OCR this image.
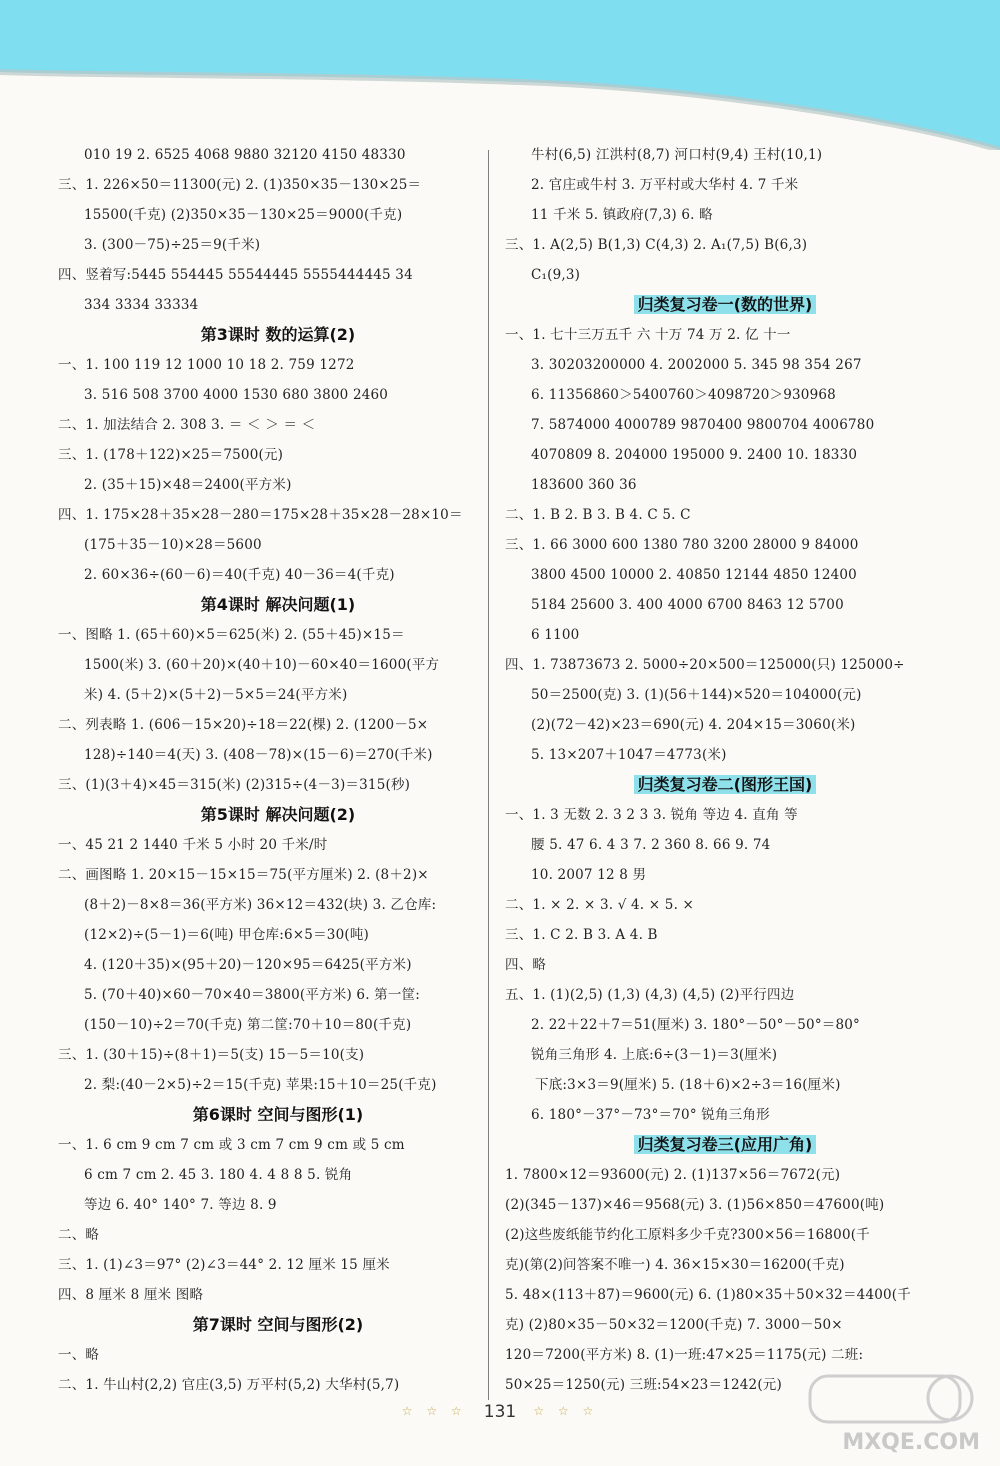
010 19 2. 6525 4068 9880 32120 4150 48330
三、1. 226×50＝11300(元) 2. (1)350×35－130×25＝
15500(千克) (2)350×35－130×25＝9000(千克)
3. (300－75)÷25＝9(千米)
四、竖着写:5445 554445 55544445 5555444445 34
334 3334 33334
第3课时 数的运算(2)
一、1. 100 119 12 1000 10 18 2. 759 1272
3. 516 508 3700 4000 1530 680 3800 2460
二、1. 加法结合 2. 308 3. ＝ ＜ ＞ ＝ ＜
三、1. (178＋122)×25＝7500(元)
2. (35＋15)×48＝2400(平方米)
四、1. 175×28＋35×28－280＝175×28＋35×28－28×10＝
(175＋35－10)×28＝5600
2. 60×36÷(60－6)＝40(千克) 40－36＝4(千克)
第4课时 解决问题(1)
一、图略 1. (65＋60)×5＝625(米) 2. (55＋45)×15＝
1500(米) 3. (60＋20)×(40＋10)－60×40＝1600(平方
米) 4. (5＋2)×(5＋2)－5×5＝24(平方米)
二、列表略 1. (606－15×20)÷18＝22(棵) 2. (1200－5×
128)÷140＝4(天) 3. (408－78)×(15－6)＝270(千米)
三、(1)(3＋4)×45＝315(米) (2)315÷(4－3)＝315(秒)
第5课时 解决问题(2)
一、45 21 2 1440 千米 5 小时 20 千米/时
二、画图略 1. 20×15－15×15＝75(平方厘米) 2. (8＋2)×
(8＋2)－8×8＝36(平方米) 36×12＝432(块) 3. 乙仓库:
(12×2)÷(5－1)＝6(吨) 甲仓库:6×5＝30(吨)
4. (120＋35)×(95＋20)－120×95＝6425(平方米)
5. (70＋40)×60－70×40＝3800(平方米) 6. 第一筐:
(150－10)÷2＝70(千克) 第二筐:70＋10＝80(千克)
三、1. (30＋15)÷(8＋1)＝5(支) 15－5＝10(支)
2. 梨:(40－2×5)÷2＝15(千克) 苹果:15＋10＝25(千克)
第6课时 空间与图形(1)
一、1. 6 cm 9 cm 7 cm 或 3 cm 7 cm 9 cm 或 5 cm
6 cm 7 cm 2. 45 3. 180 4. 4 8 8 5. 锐角
等边 6. 40° 140° 7. 等边 8. 9
二、略
三、1. (1)∠3＝97° (2)∠3＝44° 2. 12 厘米 15 厘米
四、8 厘米 8 厘米 图略
第7课时 空间与图形(2)
一、略
二、1. 牛山村(2,2) 官庄(3,5) 万平村(5,2) 大华村(5,7)
牛村(6,5) 江洪村(8,7) 河口村(9,4) 王村(10,1)
2. 官庄或牛村 3. 万平村或大华村 4. 7 千米
11 千米 5. 镇政府(7,3) 6. 略
三、1. A(2,5) B(1,3) C(4,3) 2. A₁(7,5) B(6,3)
C₁(9,3)
归类复习卷一(数的世界)
一、1. 七十三万五千 六 十万 74 万 2. 亿 十一
3. 30203200000 4. 2002000 5. 345 98 354 267
6. 11356860＞5400760＞4098720＞930968
7. 5874000 4000789 9870400 9800704 4006780
4070809 8. 204000 195000 9. 2400 10. 18330
183600 360 36
二、1. B 2. B 3. B 4. C 5. C
三、1. 66 3000 600 1380 780 3200 28000 9 84000
3800 4500 10000 2. 40850 12144 4850 12400
5184 25600 3. 400 4000 6700 8463 12 5700
6 1100
四、1. 73873673 2. 5000÷20×500＝125000(只) 125000÷
50＝2500(克) 3. (1)(56＋144)×520＝104000(元)
(2)(72－42)×23＝690(元) 4. 204×15＝3060(米)
5. 13×207＋1047＝4773(米)
归类复习卷二(图形王国)
一、1. 3 无数 2. 3 2 3 3. 锐角 等边 4. 直角 等
腰 5. 47 6. 4 3 7. 2 360 8. 66 9. 74
10. 2007 12 8 男
二、1. × 2. × 3. √ 4. × 5. ×
三、1. C 2. B 3. A 4. B
四、略
五、1. (1)(2,5) (1,3) (4,3) (4,5) (2)平行四边
2. 22＋22＋7＝51(厘米) 3. 180°－50°－50°＝80°
锐角三角形 4. 上底:6÷(3－1)＝3(厘米)
下底:3×3＝9(厘米) 5. (18＋6)×2÷3＝16(厘米)
6. 180°－37°－73°＝70° 锐角三角形
归类复习卷三(应用广角)
1. 7800×12＝93600(元) 2. (1)137×56＝7672(元)
(2)(345－137)×46＝9568(元) 3. (1)56×850＝47600(吨)
(2)这些废纸能节约化工原料多少千克?300×56＝16800(千
克)(第(2)问答案不唯一) 4. 36×15×30＝16200(千克)
5. 48×(113＋87)＝9600(元) 6. (1)80×35＋50×32＝4400(千
克) (2)80×35－50×32＝1200(千克) 7. 3000－50×
120＝7200(平方米) 8. (1)一班:47×25＝1175(元) 二班:
50×25＝1250(元) 三班:54×23＝1242(元)
☆ ☆ ☆ 131 ☆ ☆ ☆
MXQE.COM
